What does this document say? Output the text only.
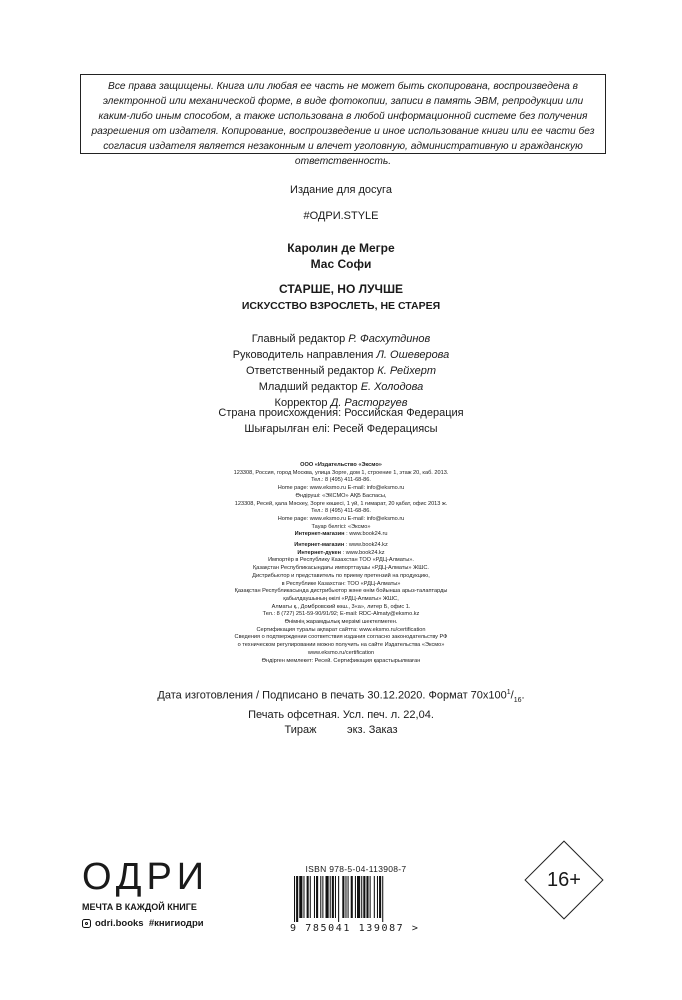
Все права защищены. Книга или любая ее часть не может быть скопирована, воспроизведена в электронной или механической форме, в виде фотокопии, записи в память ЭВМ, репродукции или каким-либо иным способом, а также использована в любой информационной системе без получения разрешения от издателя. Копирование, воспроизведение и иное использование книги или ее части без согласия издателя является незаконным и влечет уголовную, административную и гражданскую ответственность.
Издание для досуга
#ОДРИ.STYLE
Каролин де Мегре
Мас Софи
СТАРШЕ, НО ЛУЧШЕ
ИСКУССТВО ВЗРОСЛЕТЬ, НЕ СТАРЕЯ
Главный редактор Р. Фасхутдинов
Руководитель направления Л. Ошеверова
Ответственный редактор К. Рейхерт
Младший редактор Е. Холодова
Корректор Д. Расторгуев
Страна происхождения: Российская Федерация
Шығарылған елі: Ресей Федерациясы
ООО «Издательство «Эксмо»
123308, Россия, город Москва, улица Зорге, дом 1, строение 1, этаж 20, каб. 2013.
Тел.: 8 (495) 411-68-86.
Home page: www.eksmo.ru E-mail: info@eksmo.ru
Өндіруші: «ЭКСМО» АҚБ Баспасы,
123308, Ресей, қала Мәскеу, Зорге көшесі, 1 үй, 1 ғимарат, 20 қабат, офис 2013 ж.
Тел.: 8 (495) 411-68-86.
Home page: www.eksmo.ru E-mail: info@eksmo.ru
Тауар белгісі: «Эксмо»
Интернет-магазин : www.book24.ru
Интернет-магазин : www.book24.kz
Интернет-дүкен : www.book24.kz
Импортёр в Республику Казахстан ТОО «РДЦ-Алматы».
Қазақстан Республикасындағы импорттаушы «РДЦ-Алматы» ЖШС.
Дистрибьютор и представитель по приему претензий на продукцию,
в Республике Казахстан: ТОО «РДЦ-Алматы»
Қазақстан Республикасында дистрибьютор және өнім бойынша арыз-талаптарды
қабылдаушының өкілі «РДЦ-Алматы» ЖШС,
Алматы қ., Домбровский көш., 3«а», литер Б, офис 1.
Тел.: 8 (727) 251-59-90/91/92; E-mail: RDC-Almaty@eksmo.kz
Өнімнің жарамдылық мерзімі шектелмеген.
Сертификация туралы ақпарат сайтта: www.eksmo.ru/certification
Сведения о подтверждении соответствия издания согласно законодательству РФ
о техническом регулировании можно получить на сайте Издательства «Эксмо»
www.eksmo.ru/certification
Өндірген мемлекет: Ресей. Сертификация қарастырылмаған
Дата изготовления / Подписано в печать 30.12.2020. Формат $70x100^1/_{16}$.
Печать офсетная. Усл. печ. л. 22,04.
Тираж          экз. Заказ
ОДРИ
МЕЧТА В КАЖДОЙ КНИГЕ
odri.books  #книгиодри
ISBN 978-5-04-113908-7
9 785041 139087 >
16+
